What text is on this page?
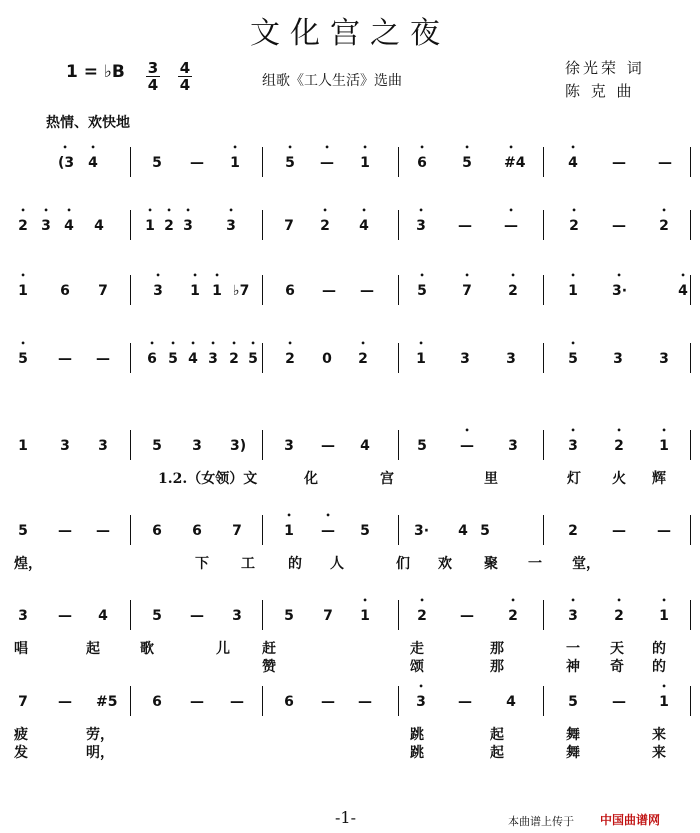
文化宫之夜
1 = ♭B 3
4
4
4	组歌《工人生活》选曲
徐光荣 词
陈 克 曲
热情、欢快地
• (3 • 4	5 — • 1	• 5 • — • 1	• 6	• 5 • #4	• 4 — —
• 2 • 3 • 4 4	• 1 • 2 • 3 • 3	7 • 2 • 4	• 3 — • —	• 2 — • 2
• 1 6 7	• 3 • 1 • 1 ♭7	6 — —	• 5	• 7	• 2	• 1 • 3·	• 4
• 5 — —	• 6 • 5 • 4 • 3 • 2 • 5 • 2 0 • 2	• 1 3	3	• 5	3	3
1 3 3	5 3 3)	3 — 4	5 • — 3	• 3	• 2	• 1
1.2.（女领）文	化	宫	里	灯 火 辉
5 — —	6 6 7	• 1 • — 5	3· 4 5	2 — —
煌，	下 工 的 人	们 欢 聚 一 堂，
3 — 4	5 — 3	5 7 • 1	• 2 — • 2	• 3	• 2	• 1
唱	起	歌	儿 赶	走	那	一 天 的
赞	颂	那	神 奇 的
7 — #5 6 — —	6 — —	• 3 — 4	5 — • 1
疲	劳，	跳	起	舞	来
发	明，	跳	起	舞	来
-1-	本曲谱上传于 中国曲谱网
